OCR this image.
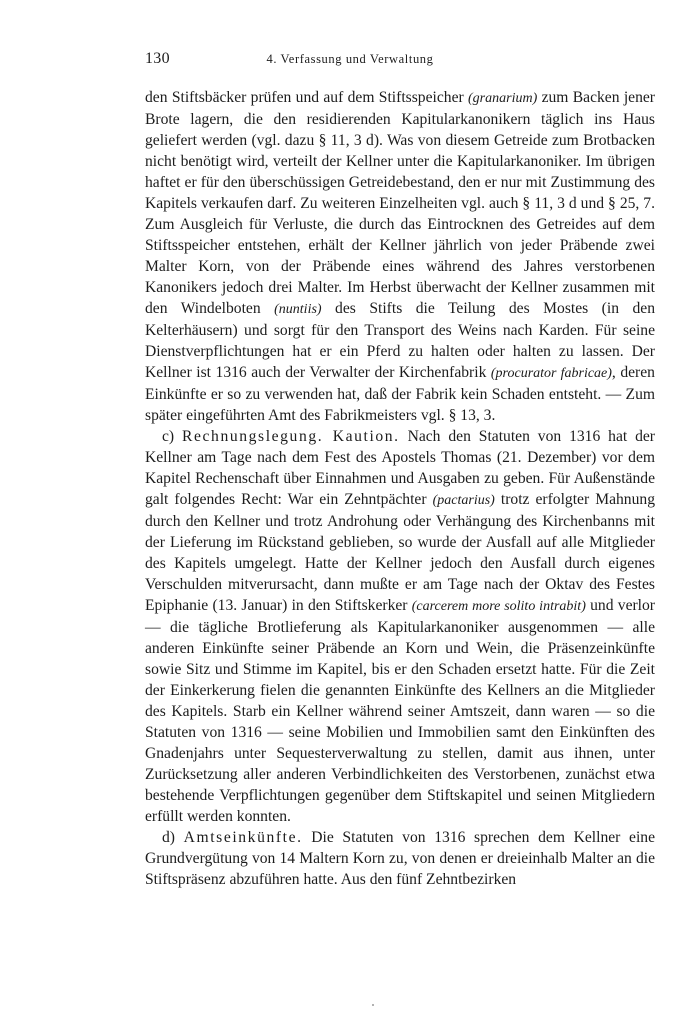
130	4. Verfassung und Verwaltung

den Stiftsbäcker prüfen und auf dem Stiftsspeicher (granarium) zum Backen jener Brote lagern, die den residierenden Kapitularkanonikern täglich ins Haus geliefert werden (vgl. dazu § 11, 3 d). Was von diesem Getreide zum Brotbacken nicht benötigt wird, verteilt der Kellner unter die Kapitularkanoniker. Im übrigen haftet er für den überschüssigen Getreidebestand, den er nur mit Zustimmung des Kapitels verkaufen darf. Zu weiteren Einzelheiten vgl. auch § 11, 3 d und § 25, 7. Zum Ausgleich für Verluste, die durch das Eintrocknen des Getreides auf dem Stiftsspeicher entstehen, erhält der Kellner jährlich von jeder Präbende zwei Malter Korn, von der Präbende eines während des Jahres verstorbenen Kanonikers jedoch drei Malter. Im Herbst überwacht der Kellner zusammen mit den Windelboten (nuntiis) des Stifts die Teilung des Mostes (in den Kelterhäusern) und sorgt für den Transport des Weins nach Karden. Für seine Dienstverpflichtungen hat er ein Pferd zu halten oder halten zu lassen. Der Kellner ist 1316 auch der Verwalter der Kirchenfabrik (procurator fabricae), deren Einkünfte er so zu verwenden hat, daß der Fabrik kein Schaden entsteht. — Zum später eingeführten Amt des Fabrikmeisters vgl. § 13, 3.

c) Rechnungslegung. Kaution. Nach den Statuten von 1316 hat der Kellner am Tage nach dem Fest des Apostels Thomas (21. Dezember) vor dem Kapitel Rechenschaft über Einnahmen und Ausgaben zu geben. Für Außenstände galt folgendes Recht: War ein Zehntpächter (pactarius) trotz erfolgter Mahnung durch den Kellner und trotz Androhung oder Verhängung des Kirchenbanns mit der Lieferung im Rückstand geblieben, so wurde der Ausfall auf alle Mitglieder des Kapitels umgelegt. Hatte der Kellner jedoch den Ausfall durch eigenes Verschulden mitverursacht, dann mußte er am Tage nach der Oktav des Festes Epiphanie (13. Januar) in den Stiftskerker (carcerem more solito intrabit) und verlor — die tägliche Brotlieferung als Kapitularkanoniker ausgenommen — alle anderen Einkünfte seiner Präbende an Korn und Wein, die Präsenzeinkünfte sowie Sitz und Stimme im Kapitel, bis er den Schaden ersetzt hatte. Für die Zeit der Einkerkerung fielen die genannten Einkünfte des Kellners an die Mitglieder des Kapitels. Starb ein Kellner während seiner Amtszeit, dann waren — so die Statuten von 1316 — seine Mobilien und Immobilien samt den Einkünften des Gnadenjahrs unter Sequesterverwaltung zu stellen, damit aus ihnen, unter Zurücksetzung aller anderen Verbindlichkeiten des Verstorbenen, zunächst etwa bestehende Verpflichtungen gegenüber dem Stiftskapitel und seinen Mitgliedern erfüllt werden konnten.

d) Amtseinkünfte. Die Statuten von 1316 sprechen dem Kellner eine Grundvergütung von 14 Maltern Korn zu, von denen er dreieinhalb Malter an die Stiftspräsenz abzuführen hatte. Aus den fünf Zehntbezirken
